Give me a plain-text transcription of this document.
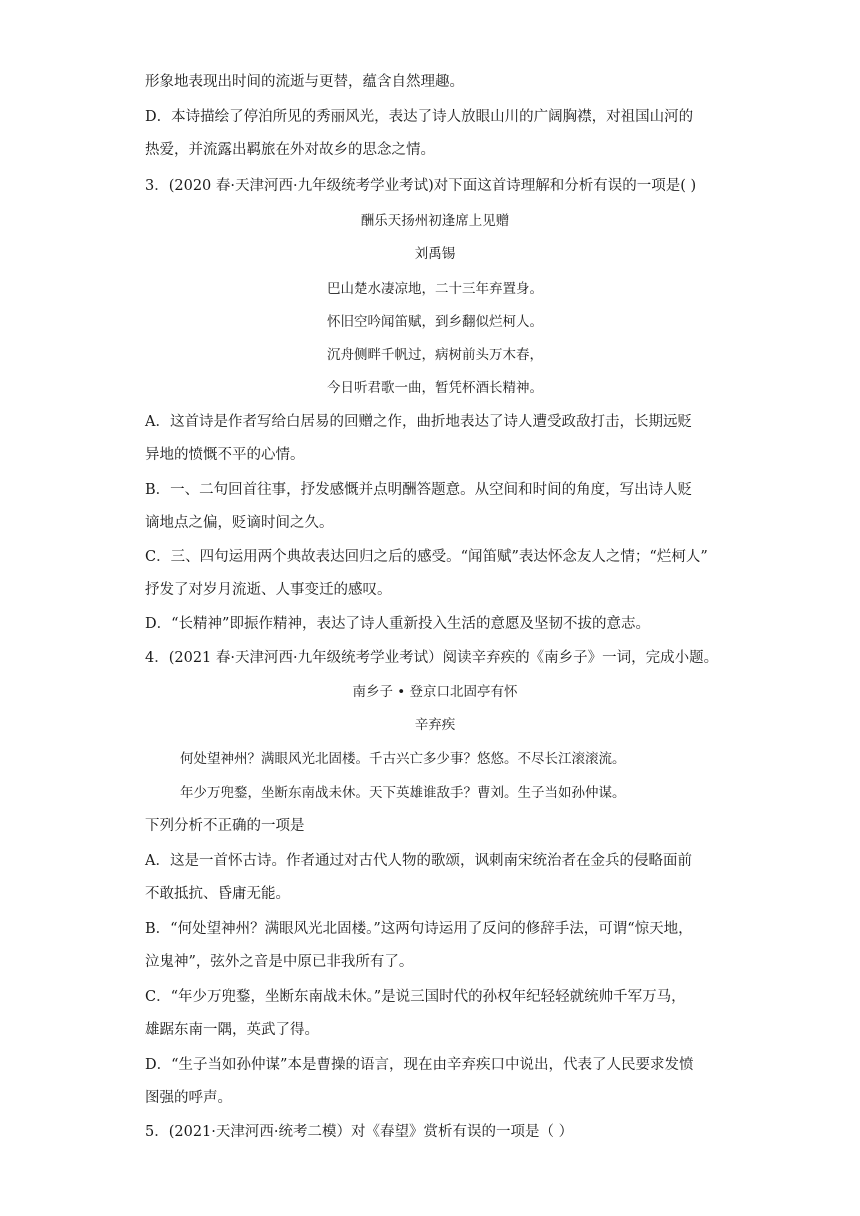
形象地表现出时间的流逝与更替，蕴含自然理趣。
D．本诗描绘了停泊所见的秀丽风光，表达了诗人放眼山川的广阔胸襟，对祖国山河的
热爱，并流露出羁旅在外对故乡的思念之情。
3．(2020 春·天津河西·九年级统考学业考试)对下面这首诗理解和分析有误的一项是( )
酬乐天扬州初逢席上见赠
刘禹锡
巴山楚水凄凉地，二十三年弃置身。
怀旧空吟闻笛赋，到乡翻似烂柯人。
沉舟侧畔千帆过，病树前头万木春，
今日听君歌一曲，暂凭杯酒长精神。
A．这首诗是作者写给白居易的回赠之作，曲折地表达了诗人遭受政敌打击，长期远贬
异地的愤慨不平的心情。
B．一、二句回首往事，抒发感慨并点明酬答题意。从空间和时间的角度，写出诗人贬
谪地点之偏，贬谪时间之久。
C．三、四句运用两个典故表达回归之后的感受。“闻笛赋”表达怀念友人之情；“烂柯人”
抒发了对岁月流逝、人事变迁的感叹。
D．“长精神”即振作精神，表达了诗人重新投入生活的意愿及坚韧不拔的意志。
4．(2021 春·天津河西·九年级统考学业考试）阅读辛弃疾的《南乡子》一词，完成小题。
南乡子 • 登京口北固亭有怀
辛弃疾
何处望神州？满眼风光北固楼。千古兴亡多少事？悠悠。不尽长江滚滚流。
年少万兜鍪，坐断东南战未休。天下英雄谁敌手？曹刘。生子当如孙仲谋。
下列分析不正确的一项是
A．这是一首怀古诗。作者通过对古代人物的歌颂，讽刺南宋统治者在金兵的侵略面前
不敢抵抗、昏庸无能。
B．“何处望神州？满眼风光北固楼。”这两句诗运用了反问的修辞手法，可谓“惊天地，
泣鬼神”，弦外之音是中原已非我所有了。
C．“年少万兜鍪，坐断东南战未休。”是说三国时代的孙权年纪轻轻就统帅千军万马，
雄踞东南一隅，英武了得。
D．“生子当如孙仲谋”本是曹操的语言，现在由辛弃疾口中说出，代表了人民要求发愤
图强的呼声。
5．(2021·天津河西·统考二模）对《春望》赏析有误的一项是（ ）
